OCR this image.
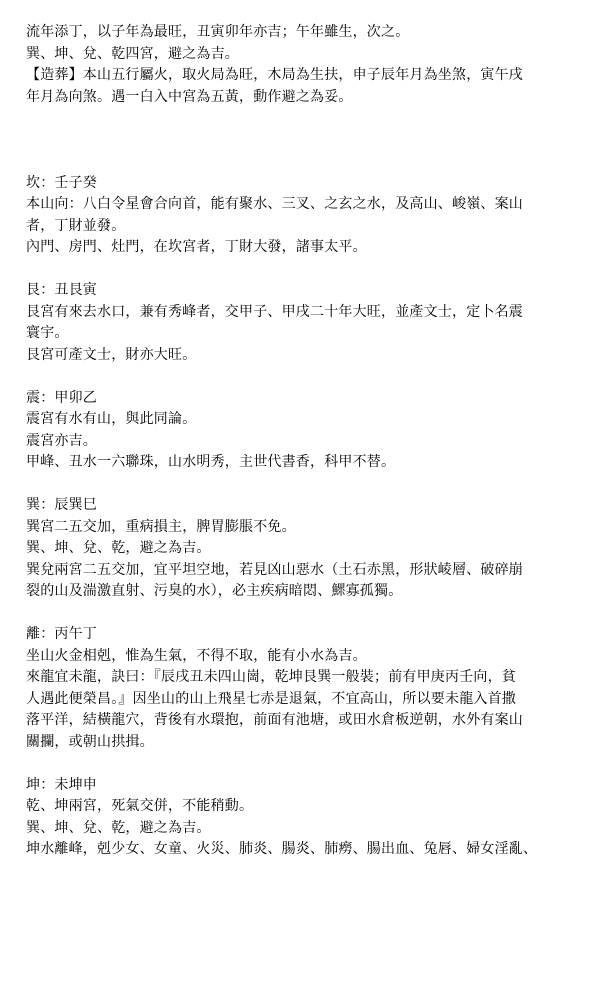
流年添丁，以子年為最旺，丑寅卯年亦吉；午年雖生，次之。
巽、坤、兌、乾四宮，避之為吉。
【造葬】本山五行屬火，取火局為旺，木局為生扶，申子辰年月為坐煞，寅午戌
年月為向煞。遇一白入中宮為五黃，動作避之為妥。
坎：壬子癸
本山向：八白令星會合向首，能有聚水、三叉、之玄之水，及高山、峻嶺、案山
者，丁財並發。
內門、房門、灶門，在坎宮者，丁財大發，諸事太平。
艮：丑艮寅
艮宮有來去水口，兼有秀峰者，交甲子、甲戌二十年大旺，並產文士，定卜名震
寰宇。
艮宮可產文士，財亦大旺。
震：甲卯乙
震宮有水有山，與此同論。
震宮亦吉。
甲峰、丑水一六聯珠，山水明秀，主世代書香，科甲不替。
巽：辰巽巳
巽宮二五交加，重病損主，脾胃膨脹不免。
巽、坤、兌、乾，避之為吉。
巽兌兩宮二五交加，宜平坦空地，若見凶山惡水（土石赤黑，形狀崚層、破碎崩
裂的山及湍激直射、污臭的水），必主疾病暗悶、鰥寡孤獨。
離：丙午丁
坐山火金相剋，惟為生氣，不得不取，能有小水為吉。
來龍宜未龍，訣曰：『辰戌丑未四山崗，乾坤艮巽一般裝；前有甲庚丙壬向，貧
人遇此便榮昌。』因坐山的山上飛星七赤是退氣，不宜高山，所以要未龍入首撒
落平洋，結橫龍穴，背後有水環抱，前面有池塘，或田水倉板逆朝，水外有案山
關攔，或朝山拱揖。
坤：未坤申
乾、坤兩宮，死氣交併，不能稍動。
巽、坤、兌、乾，避之為吉。
坤水離峰，剋少女、女童、火災、肺炎、腸炎、肺癆、腸出血、兔唇、婦女淫亂、
